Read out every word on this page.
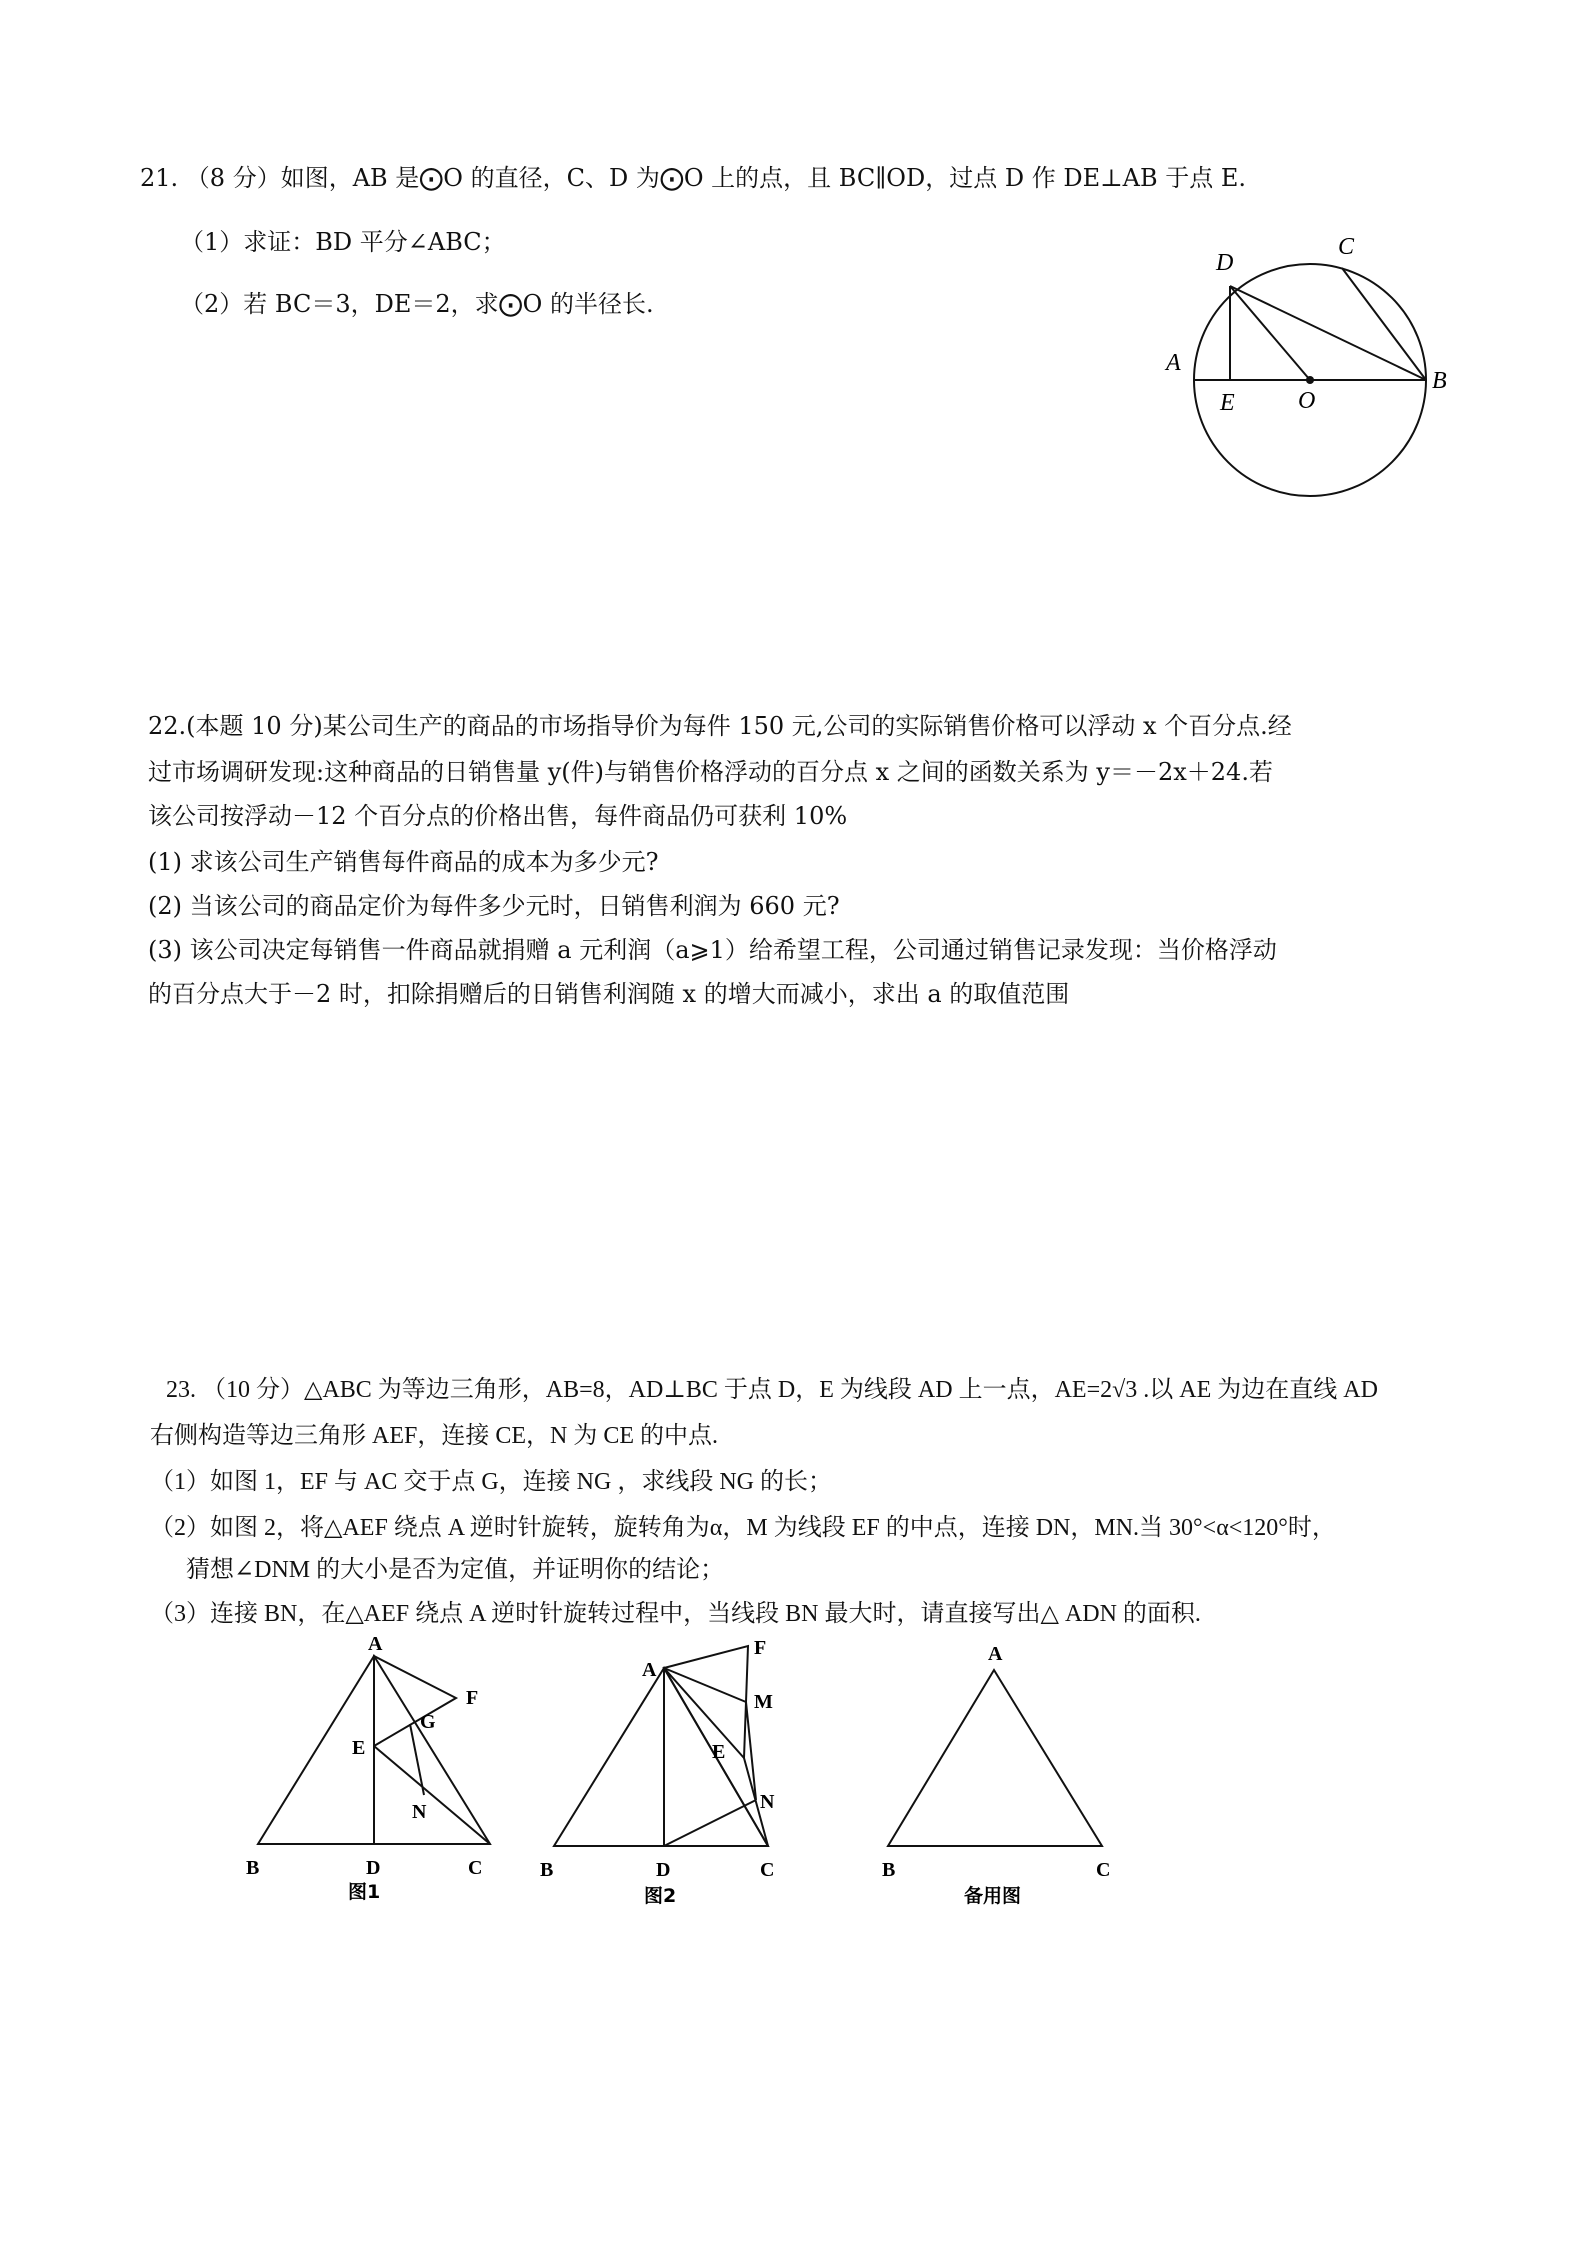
21. （8 分）如图，AB 是⨀O 的直径，C、D 为⨀O 上的点，且 BC∥OD，过点 D 作 DE⊥AB 于点 E.
（1）求证：BD 平分∠ABC；
（2）若 BC＝3，DE＝2，求⨀O 的半径长.
D
C
A
B
E	O
22.(本题 10 分)某公司生产的商品的市场指导价为每件 150 元,公司的实际销售价格可以浮动 x 个百分点.经
过市场调研发现:这种商品的日销售量 y(件)与销售价格浮动的百分点 x 之间的函数关系为 y＝－2x＋24.若
该公司按浮动－12 个百分点的价格出售，每件商品仍可获利 10%
(1) 求该公司生产销售每件商品的成本为多少元?
(2) 当该公司的商品定价为每件多少元时，日销售利润为 660 元?
(3) 该公司决定每销售一件商品就捐赠 a 元利润（a⩾1）给希望工程，公司通过销售记录发现：当价格浮动
的百分点大于－2 时，扣除捐赠后的日销售利润随 x 的增大而减小，求出 a 的取值范围
23. （10 分）△ABC 为等边三角形，AB=8，AD⊥BC 于点 D，E 为线段 AD 上一点，AE=2√3 .以 AE 为边在直线 AD
右侧构造等边三角形 AEF，连接 CE，N 为 CE 的中点.
（1）如图 1，EF 与 AC 交于点 G，连接 NG ，求线段 NG 的长；
（2）如图 2，将△AEF 绕点 A 逆时针旋转，旋转角为α，M 为线段 EF 的中点，连接 DN，MN.当 30°<α<120°时，
猜想∠DNM 的大小是否为定值，并证明你的结论；
（3）连接 BN，在△AEF 绕点 A 逆时针旋转过程中，当线段 BN 最大时，请直接写出△ ADN 的面积.
A
F
G
E
N
B	D	C
图1
A
F
M
E
N
B	D	C
图2
A
B	C
备用图
